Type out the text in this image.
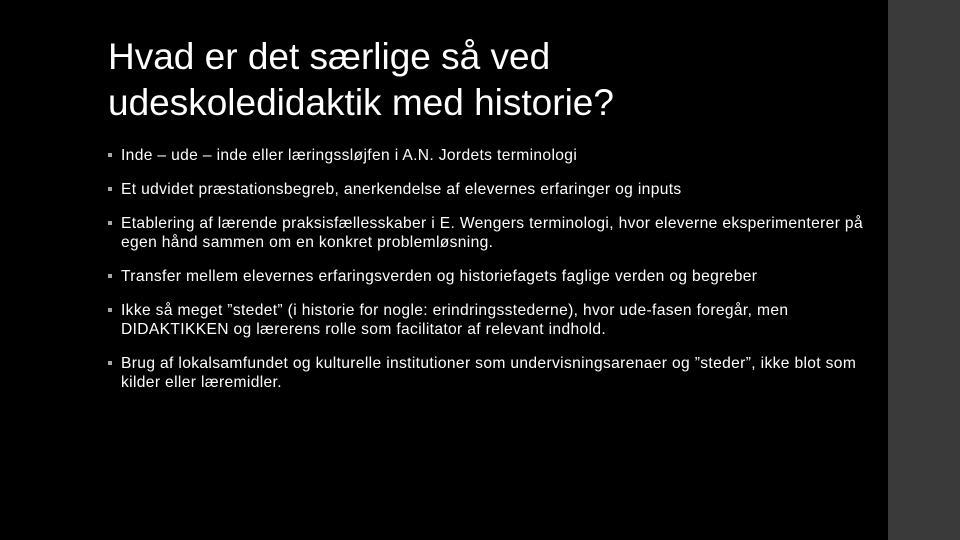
Hvad er det særlige så ved
udeskoledidaktik med historie?
Inde – ude – inde eller læringssløjfen i A.N. Jordets terminologi
Et udvidet præstationsbegreb, anerkendelse af elevernes erfaringer og inputs
Etablering af lærende praksisfællesskaber i E. Wengers terminologi, hvor eleverne eksperimenterer på egen hånd sammen om en konkret problemløsning.
Transfer mellem elevernes erfaringsverden og historiefagets faglige verden og begreber
Ikke så meget ”stedet” (i historie for nogle: erindringsstederne), hvor ude-fasen foregår, men DIDAKTIKKEN og lærerens rolle som facilitator af relevant indhold.
Brug af lokalsamfundet og kulturelle institutioner som undervisningsarenaer og ”steder”, ikke blot som kilder eller læremidler.
